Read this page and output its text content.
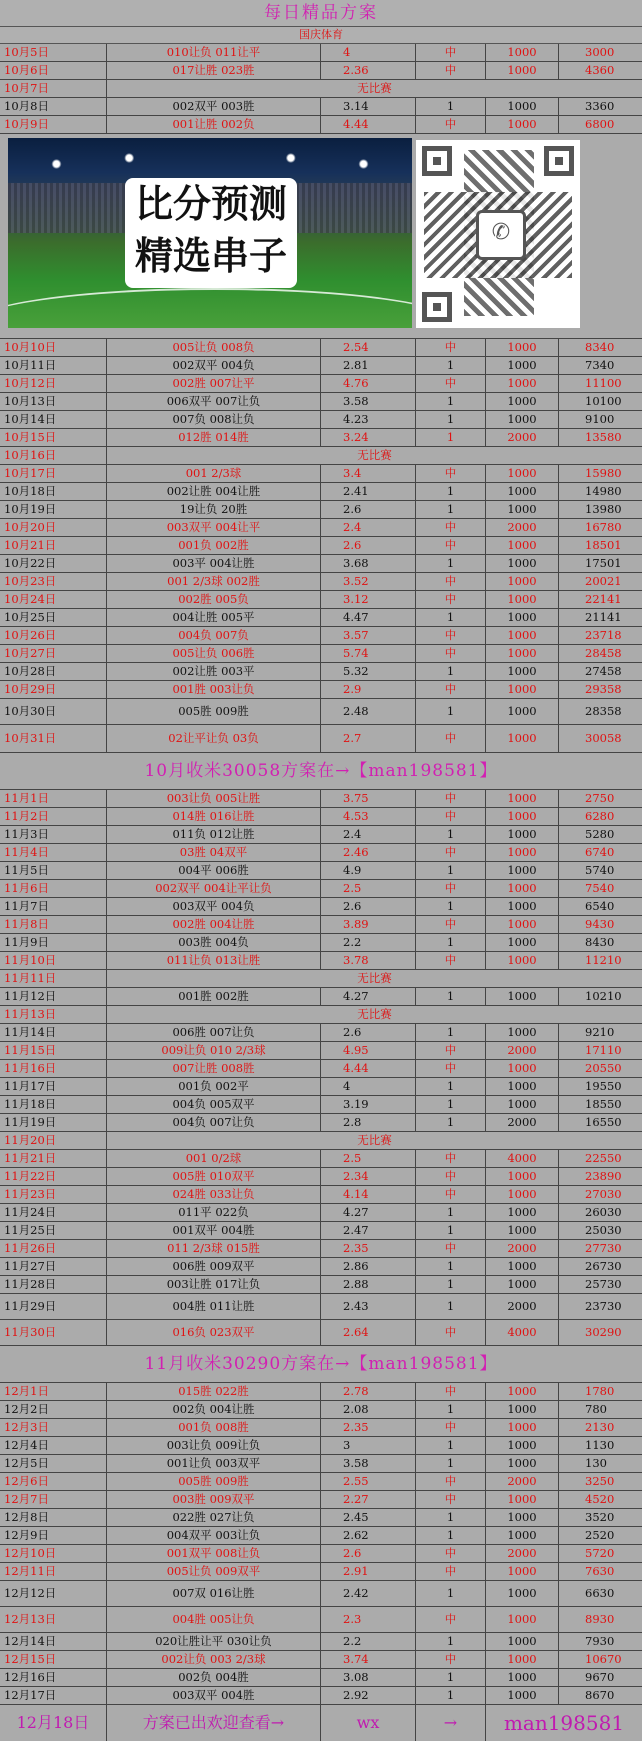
每日精品方案
国庆体育
10月5日	010让负 011让平	4	中	1000	3000
10月6日	017让胜 023胜	2.36	中	1000	4360
10月7日	无比赛
10月8日	002双平 003胜	3.14	1	1000	3360
10月9日	001让胜 002负	4.44	中	1000	6800
比分预测
精选串子
✆
10月10日	005让负 008负	2.54	中	1000	8340
10月11日	002双平 004负	2.81	1	1000	7340
10月12日	002胜 007让平	4.76	中	1000	11100
10月13日	006双平 007让负	3.58	1	1000	10100
10月14日	007负 008让负	4.23	1	1000	9100
10月15日	012胜 014胜	3.24	1	2000	13580
10月16日	无比赛
10月17日	001 2/3球	3.4	中	1000	15980
10月18日	002让胜 004让胜	2.41	1	1000	14980
10月19日	19让负 20胜	2.6	1	1000	13980
10月20日	003双平 004让平	2.4	中	2000	16780
10月21日	001负 002胜	2.6	中	1000	18501
10月22日	003平 004让胜	3.68	1	1000	17501
10月23日	001 2/3球 002胜	3.52	中	1000	20021
10月24日	002胜 005负	3.12	中	1000	22141
10月25日	004让胜 005平	4.47	1	1000	21141
10月26日	004负 007负	3.57	中	1000	23718
10月27日	005让负 006胜	5.74	中	1000	28458
10月28日	002让胜 003平	5.32	1	1000	27458
10月29日	001胜 003让负	2.9	中	1000	29358
10月30日	005胜 009胜	2.48	1	1000	28358
10月31日	02让平让负 03负	2.7	中	1000	30058
10月收米30058方案在→【man198581】
11月1日	003让负 005让胜	3.75	中	1000	2750
11月2日	014胜 016让胜	4.53	中	1000	6280
11月3日	011负 012让胜	2.4	1	1000	5280
11月4日	03胜 04双平	2.46	中	1000	6740
11月5日	004平 006胜	4.9	1	1000	5740
11月6日	002双平 004让平让负	2.5	中	1000	7540
11月7日	003双平 004负	2.6	1	1000	6540
11月8日	002胜 004让胜	3.89	中	1000	9430
11月9日	003胜 004负	2.2	1	1000	8430
11月10日	011让负 013让胜	3.78	中	1000	11210
11月11日	无比赛
11月12日	001胜 002胜	4.27	1	1000	10210
11月13日	无比赛
11月14日	006胜 007让负	2.6	1	1000	9210
11月15日	009让负 010 2/3球	4.95	中	2000	17110
11月16日	007让胜 008胜	4.44	中	1000	20550
11月17日	001负 002平	4	1	1000	19550
11月18日	004负 005双平	3.19	1	1000	18550
11月19日	004负 007让负	2.8	1	2000	16550
11月20日	无比赛
11月21日	001 0/2球	2.5	中	4000	22550
11月22日	005胜 010双平	2.34	中	1000	23890
11月23日	024胜 033让负	4.14	中	1000	27030
11月24日	011平 022负	4.27	1	1000	26030
11月25日	001双平 004胜	2.47	1	1000	25030
11月26日	011 2/3球 015胜	2.35	中	2000	27730
11月27日	006胜 009双平	2.86	1	1000	26730
11月28日	003让胜 017让负	2.88	1	1000	25730
11月29日	004胜 011让胜	2.43	1	2000	23730
11月30日	016负 023双平	2.64	中	4000	30290
11月收米30290方案在→【man198581】
12月1日	015胜 022胜	2.78	中	1000	1780
12月2日	002负 004让胜	2.08	1	1000	780
12月3日	001负 008胜	2.35	中	1000	2130
12月4日	003让负 009让负	3	1	1000	1130
12月5日	001让负 003双平	3.58	1	1000	130
12月6日	005胜 009胜	2.55	中	2000	3250
12月7日	003胜 009双平	2.27	中	1000	4520
12月8日	022胜 027让负	2.45	1	1000	3520
12月9日	004双平 003让负	2.62	1	1000	2520
12月10日	001双平 008让负	2.6	中	2000	5720
12月11日	005让负 009双平	2.91	中	1000	7630
12月12日	007双 016让胜	2.42	1	1000	6630
12月13日	004胜 005让负	2.3	中	1000	8930
12月14日	020让胜让平 030让负	2.2	1	1000	7930
12月15日	002让负 003 2/3球	3.74	中	1000	10670
12月16日	002负 004胜	3.08	1	1000	9670
12月17日	003双平 004胜	2.92	1	1000	8670
12月18日	方案已出欢迎查看→	wx	→	man198581
